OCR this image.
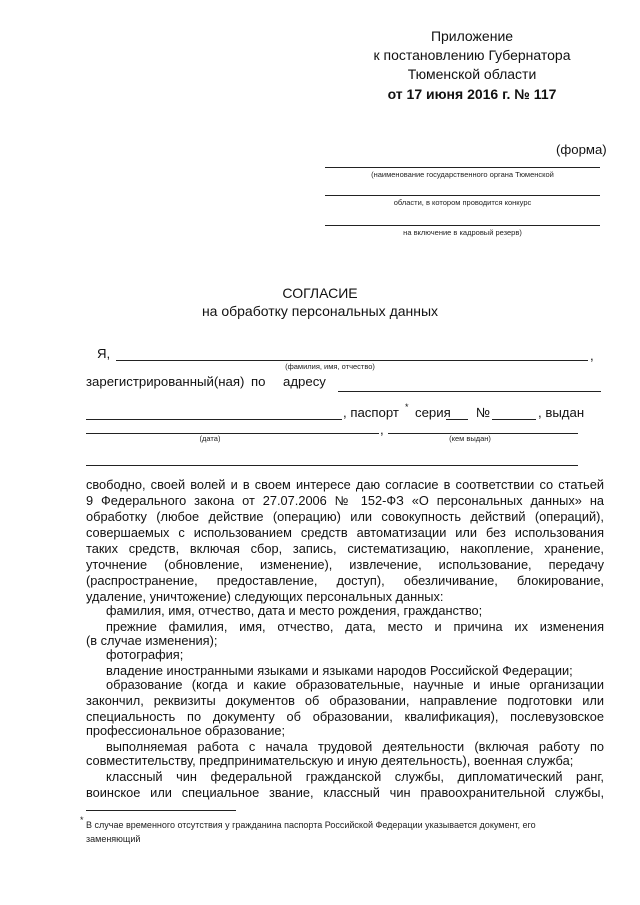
Приложение
к постановлению Губернатора
Тюменской области
от 17 июня 2016 г. № 117
(форма)
(наименование государственного органа Тюменской
области, в котором проводится конкурс
на включение в кадровый резерв)
СОГЛАСИЕ
на обработку персональных данных
Я,	,
(фамилия, имя, отчество)
зарегистрированный(ная) по адресу
, паспорт * серия №	, выдан
,
(дата)	(кем выдан)
свободно, своей волей и в своем интересе даю согласие в соответствии со статьей
9 Федерального закона от 27.07.2006 № 152-ФЗ «О персональных данных» на
обработку (любое действие (операцию) или совокупность действий (операций),
совершаемых с использованием средств автоматизации или без использования
таких средств, включая сбор, запись, систематизацию, накопление, хранение,
уточнение (обновление, изменение), извлечение, использование, передачу
(распространение, предоставление, доступ), обезличивание, блокирование,
удаление, уничтожение) следующих персональных данных:
фамилия, имя, отчество, дата и место рождения, гражданство;
прежние фамилия, имя, отчество, дата, место и причина их изменения
(в случае изменения);
фотография;
владение иностранными языками и языками народов Российской Федерации;
образование (когда и какие образовательные, научные и иные организации
закончил, реквизиты документов об образовании, направление подготовки или
специальность по документу об образовании, квалификация), послевузовское
профессиональное образование;
выполняемая работа с начала трудовой деятельности (включая работу по
совместительству, предпринимательскую и иную деятельность), военная служба;
классный чин федеральной гражданской службы, дипломатический ранг,
воинское или специальное звание, классный чин правоохранительной службы,
* В случае временного отсутствия у гражданина паспорта Российской Федерации указывается документ, его
заменяющий
